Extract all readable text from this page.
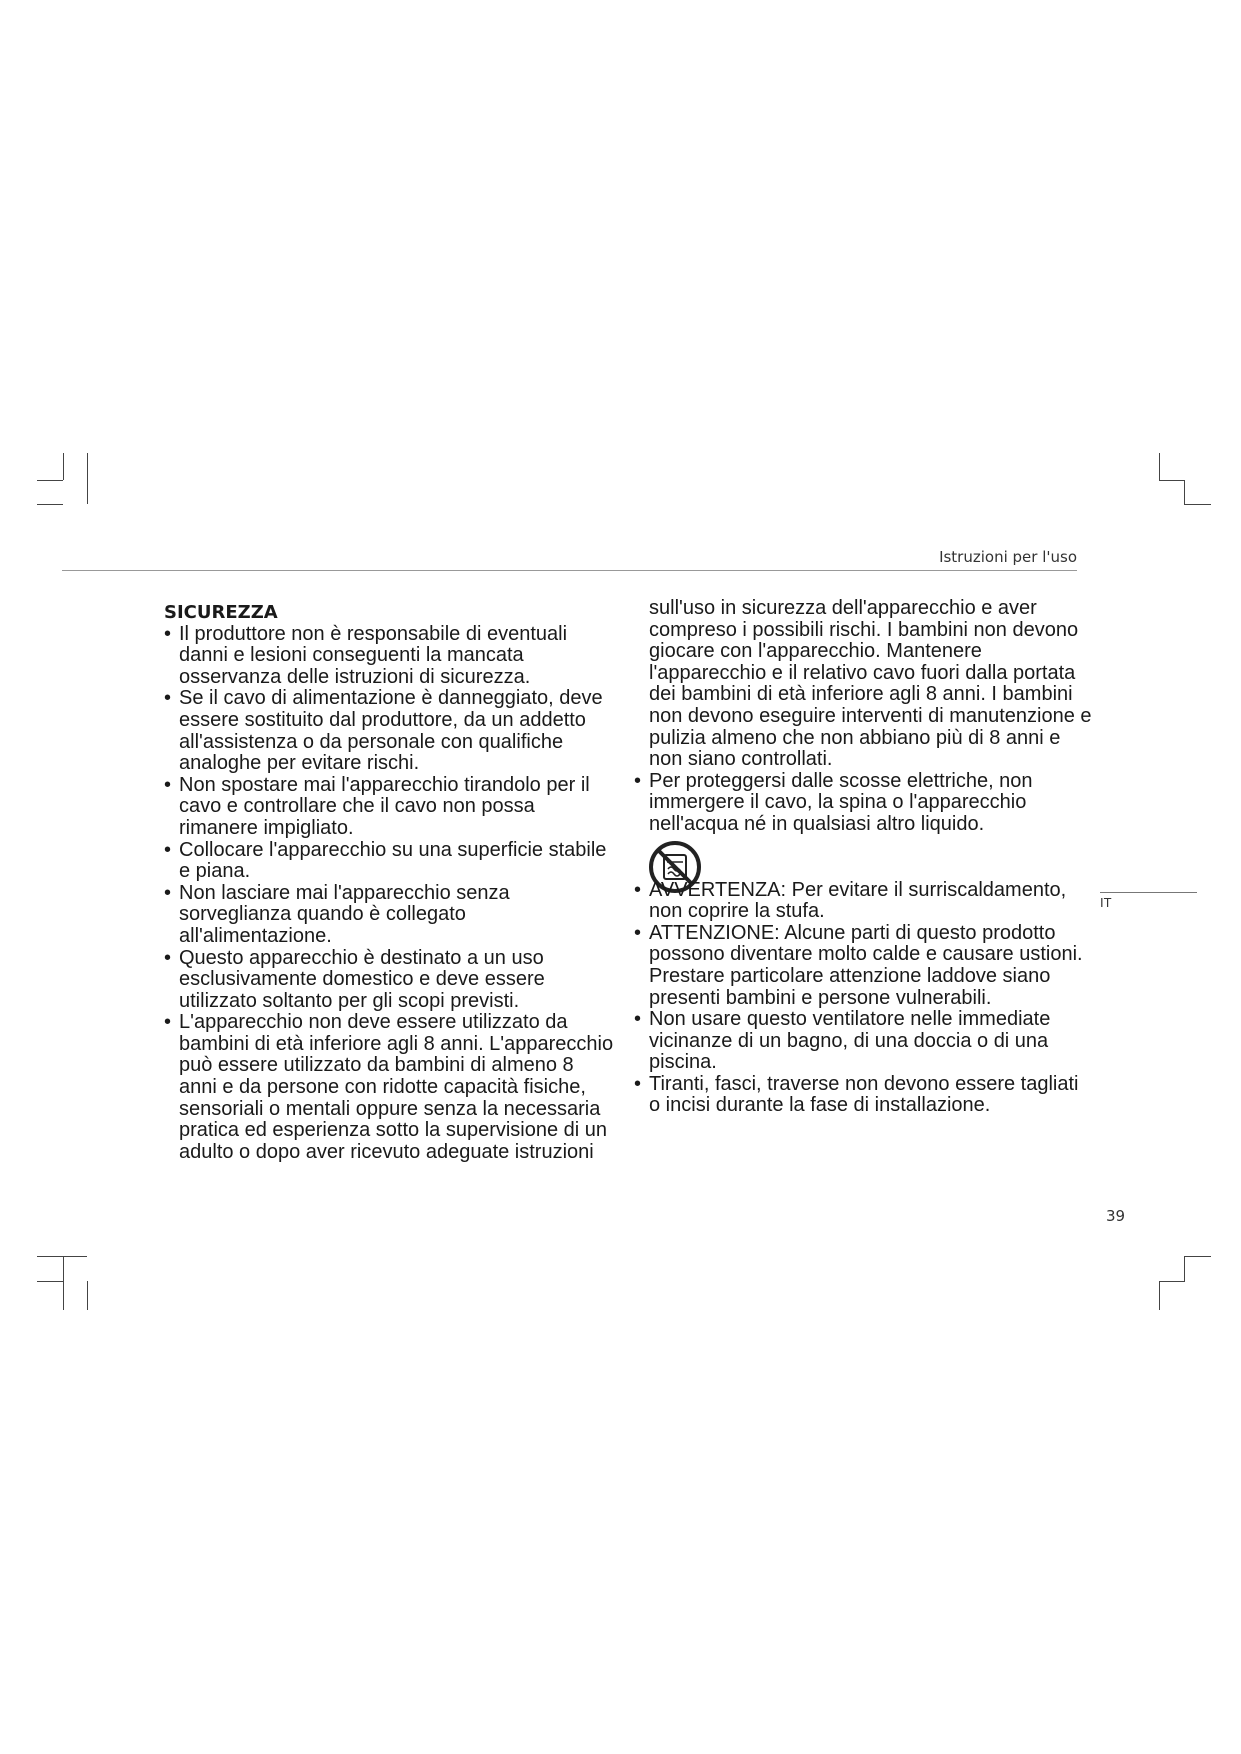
Istruzioni per l'uso
SICUREZZA
• Il produttore non è responsabile di eventuali danni e lesioni conseguenti la mancata osservanza delle istruzioni di sicurezza.
• Se il cavo di alimentazione è danneggiato, deve essere sostituito dal produttore, da un addetto all'assistenza o da personale con qualifiche analoghe per evitare rischi.
• Non spostare mai l'apparecchio tirandolo per il cavo e controllare che il cavo non possa rimanere impigliato.
• Collocare l'apparecchio su una superficie stabile e piana.
• Non lasciare mai l'apparecchio senza sorveglianza quando è collegato all'alimentazione.
• Questo apparecchio è destinato a un uso esclusivamente domestico e deve essere utilizzato soltanto per gli scopi previsti.
• L'apparecchio non deve essere utilizzato da bambini di età inferiore agli 8 anni. L'apparecchio può essere utilizzato da bambini di almeno 8 anni e da persone con ridotte capacità fisiche, sensoriali o mentali oppure senza la necessaria pratica ed esperienza sotto la supervisione di un adulto o dopo aver ricevuto adeguate istruzioni
sull'uso in sicurezza dell'apparecchio e aver compreso i possibili rischi. I bambini non devono giocare con l'apparecchio. Mantenere l'apparecchio e il relativo cavo fuori dalla portata dei bambini di età inferiore agli 8 anni. I bambini non devono eseguire interventi di manutenzione e pulizia almeno che non abbiano più di 8 anni e non siano controllati.
• Per proteggersi dalle scosse elettriche, non immergere il cavo, la spina o l'apparecchio nell'acqua né in qualsiasi altro liquido.
• AVVERTENZA: Per evitare il surriscaldamento, non coprire la stufa.
• ATTENZIONE: Alcune parti di questo prodotto possono diventare molto calde e causare ustioni. Prestare particolare attenzione laddove siano presenti bambini e persone vulnerabili.
• Non usare questo ventilatore nelle immediate vicinanze di un bagno, di una doccia o di una piscina.
• Tiranti, fasci, traverse non devono essere tagliati o incisi durante la fase di installazione.
IT
39
